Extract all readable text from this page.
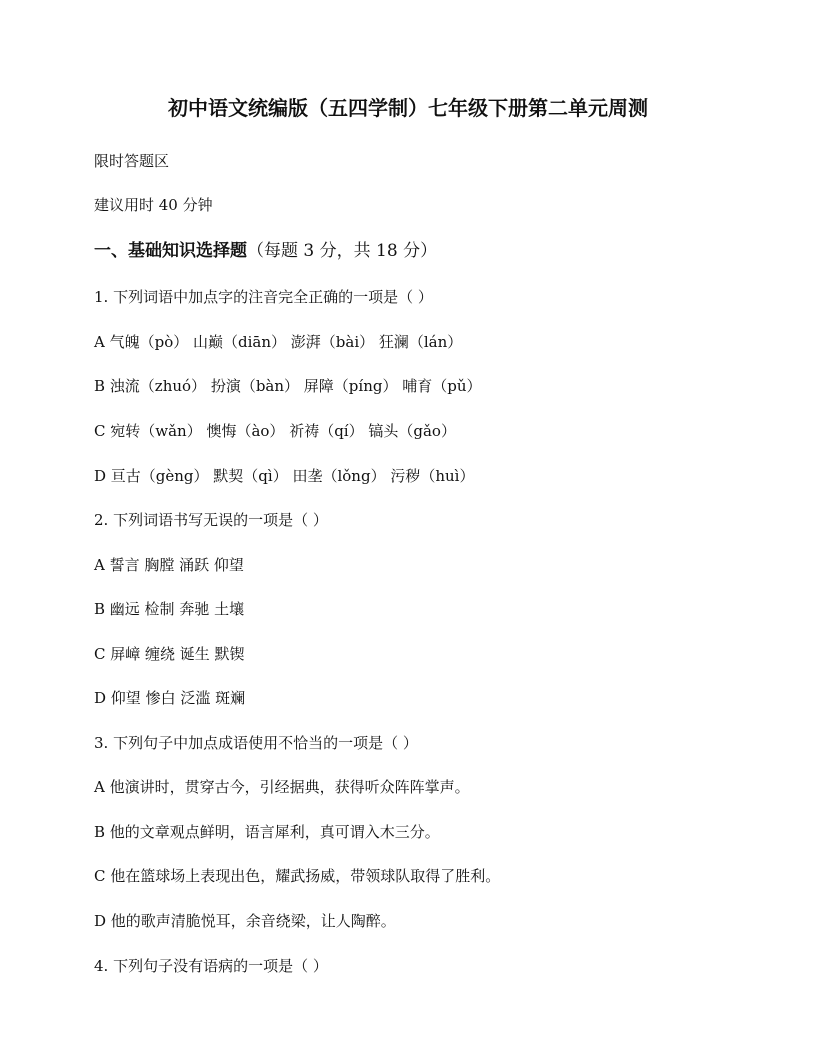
初中语文统编版（五四学制）七年级下册第二单元周测
限时答题区
建议用时 40 分钟
一、基础知识选择题（每题 3 分，共 18 分）
1. 下列词语中加点字的注音完全正确的一项是（ ）
A 气魄（pò） 山巅（diān） 澎湃（bài） 狂澜（lán）
B 浊流（zhuó） 扮演（bàn） 屏障（píng） 哺育（pǔ）
C 宛转（wǎn） 懊悔（ào） 祈祷（qí） 镐头（gǎo）
D 亘古（gèng） 默契（qì） 田垄（lǒng） 污秽（huì）
2. 下列词语书写无误的一项是（ ）
A 誓言 胸膛 涌跃 仰望
B 幽远 检制 奔驰 土壤
C 屏嶂 缠绕 诞生 默锲
D 仰望 惨白 泛滥 斑斓
3. 下列句子中加点成语使用不恰当的一项是（ ）
A 他演讲时，贯穿古今，引经据典，获得听众阵阵掌声。
B 他的文章观点鲜明，语言犀利，真可谓入木三分。
C 他在篮球场上表现出色，耀武扬威，带领球队取得了胜利。
D 他的歌声清脆悦耳，余音绕梁，让人陶醉。
4. 下列句子没有语病的一项是（ ）
